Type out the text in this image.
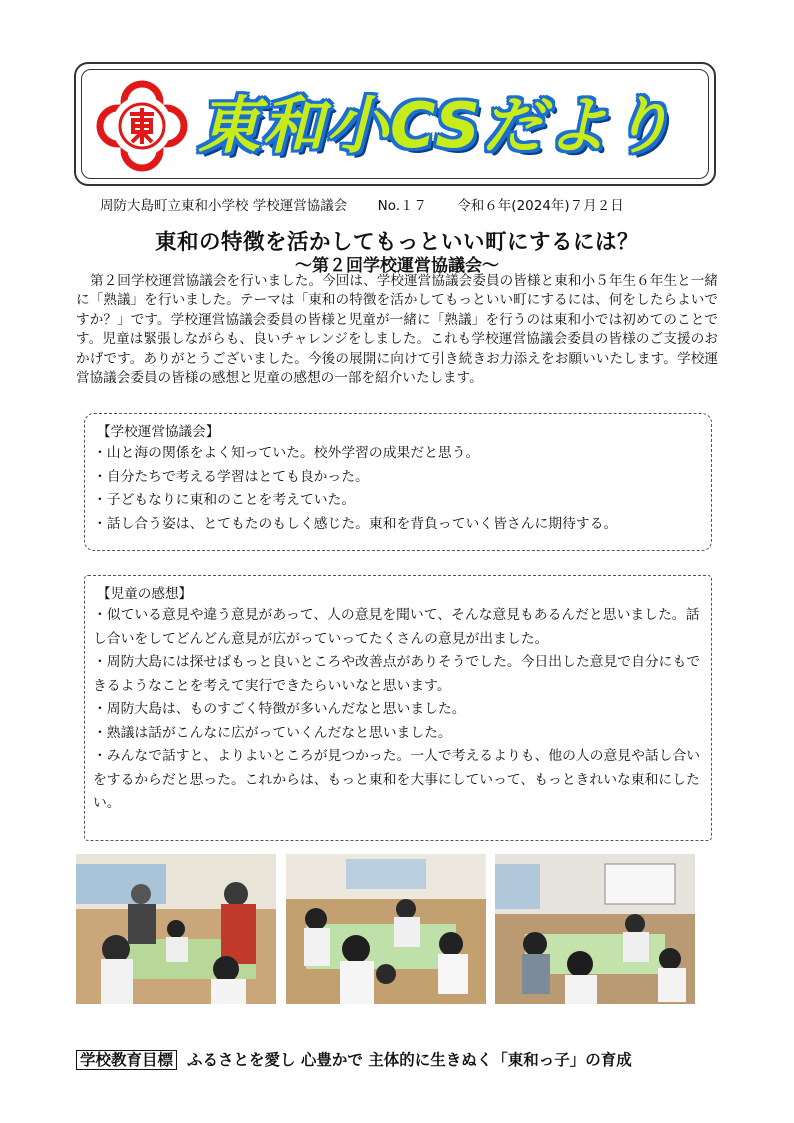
東和小CSだより
周防大島町立東和小学校 学校運営協議会 No.１７ 令和６年(2024年)７月２日
東和の特徴を活かしてもっといい町にするには？
～第２回学校運営協議会～
第２回学校運営協議会を行いました。今回は、学校運営協議会委員の皆様と東和小５年生６年生と一緒に「熟議」を行いました。テーマは「東和の特徴を活かしてもっといい町にするには、何をしたらよいですか？」です。学校運営協議会委員の皆様と児童が一緒に「熟議」を行うのは東和小では初めてのことです。児童は緊張しながらも、良いチャレンジをしました。これも学校運営協議会委員の皆様のご支援のおかげです。ありがとうございました。今後の展開に向けて引き続きお力添えをお願いいたします。学校運営協議会委員の皆様の感想と児童の感想の一部を紹介いたします。
【学校運営協議会】
・山と海の関係をよく知っていた。校外学習の成果だと思う。
・自分たちで考える学習はとても良かった。
・子どもなりに東和のことを考えていた。
・話し合う姿は、とてもたのもしく感じた。東和を背負っていく皆さんに期待する。
【児童の感想】
・似ている意見や違う意見があって、人の意見を聞いて、そんな意見もあるんだと思いました。話し合いをしてどんどん意見が広がっていってたくさんの意見が出ました。
・周防大島には探せばもっと良いところや改善点がありそうでした。今日出した意見で自分にもできるようなことを考えて実行できたらいいなと思います。
・周防大島は、ものすごく特徴が多いんだなと思いました。
・熟議は話がこんなに広がっていくんだなと思いました。
・みんなで話すと、よりよいところが見つかった。一人で考えるよりも、他の人の意見や話し合いをするからだと思った。これからは、もっと東和を大事にしていって、もっときれいな東和にしたい。
学校教育目標 ふるさとを愛し 心豊かで 主体的に生きぬく「東和っ子」の育成
